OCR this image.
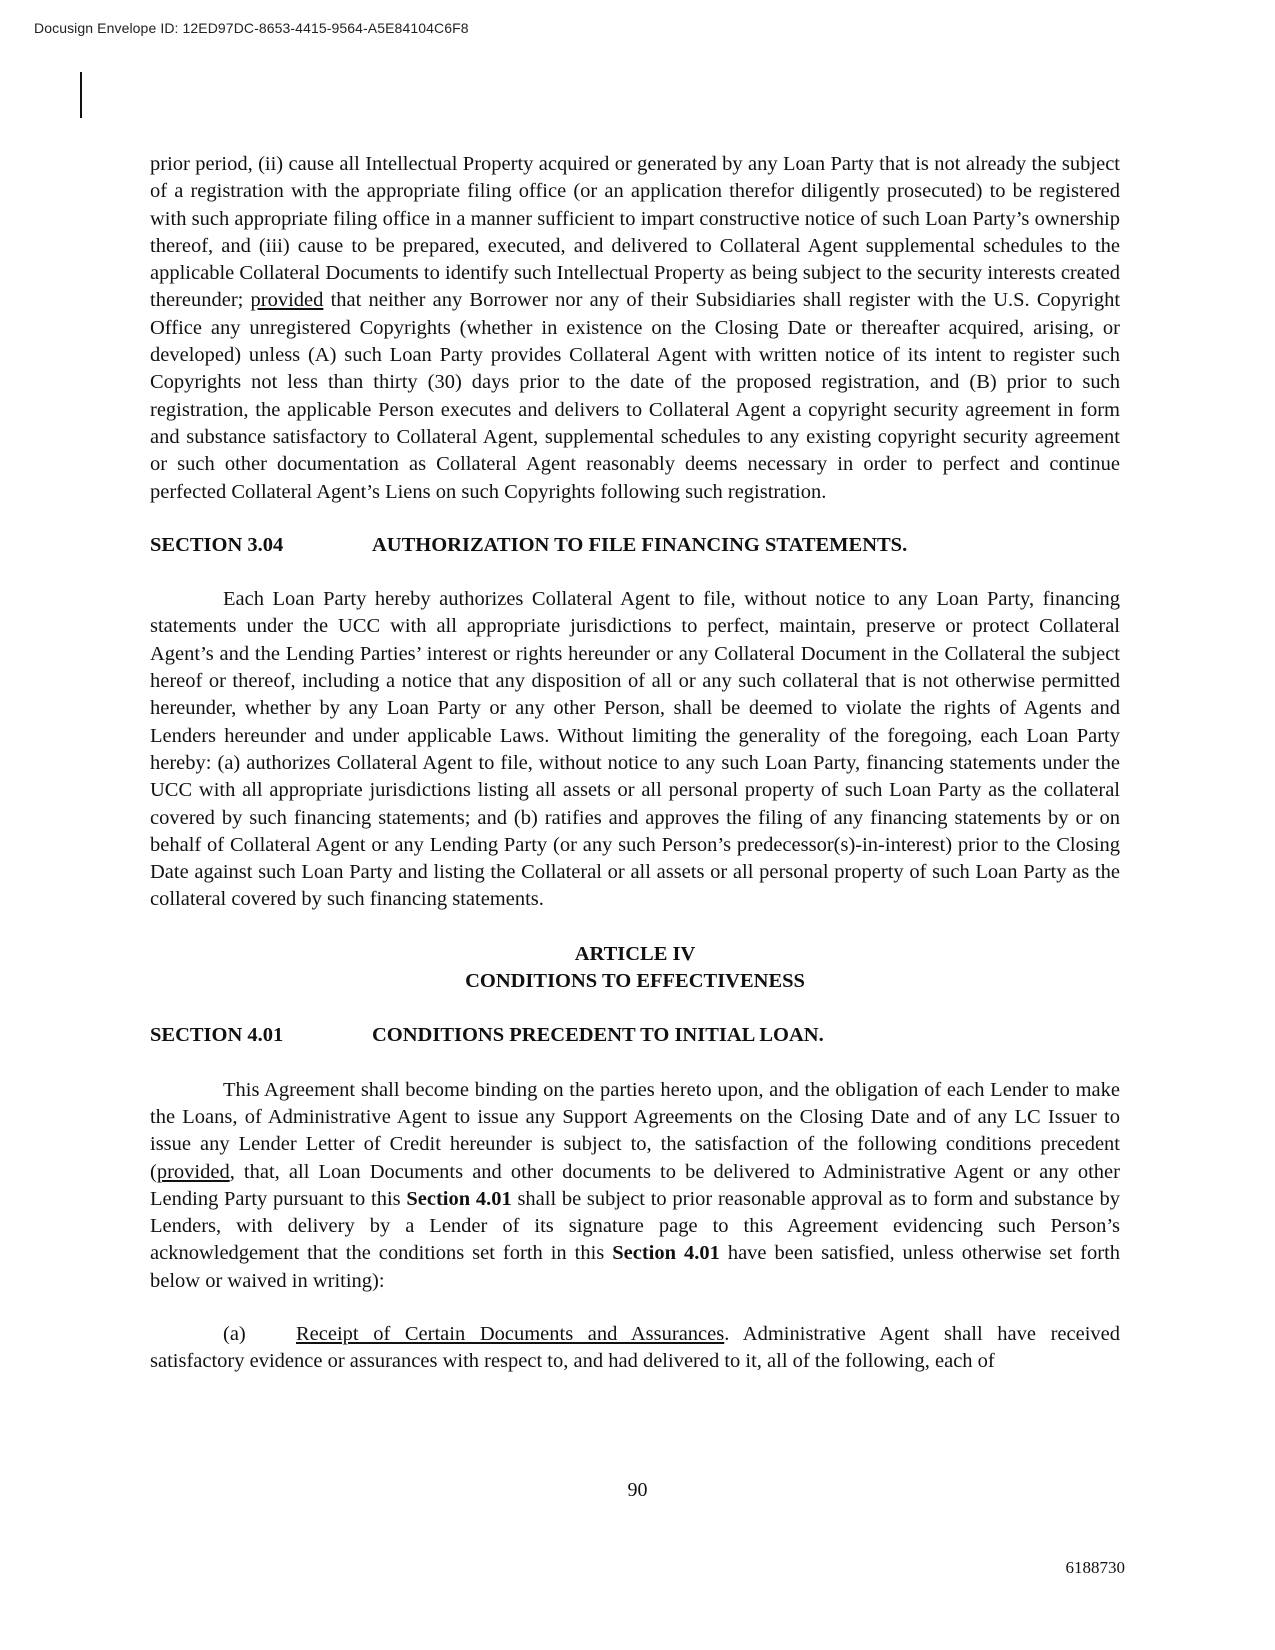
Docusign Envelope ID: 12ED97DC-8653-4415-9564-A5E84104C6F8

prior period, (ii) cause all Intellectual Property acquired or generated by any Loan Party that is not already the subject of a registration with the appropriate filing office (or an application therefor diligently prosecuted) to be registered with such appropriate filing office in a manner sufficient to impart constructive notice of such Loan Party’s ownership thereof, and (iii) cause to be prepared, executed, and delivered to Collateral Agent supplemental schedules to the applicable Collateral Documents to identify such Intellectual Property as being subject to the security interests created thereunder; provided that neither any Borrower nor any of their Subsidiaries shall register with the U.S. Copyright Office any unregistered Copyrights (whether in existence on the Closing Date or thereafter acquired, arising, or developed) unless (A) such Loan Party provides Collateral Agent with written notice of its intent to register such Copyrights not less than thirty (30) days prior to the date of the proposed registration, and (B) prior to such registration, the applicable Person executes and delivers to Collateral Agent a copyright security agreement in form and substance satisfactory to Collateral Agent, supplemental schedules to any existing copyright security agreement or such other documentation as Collateral Agent reasonably deems necessary in order to perfect and continue perfected Collateral Agent’s Liens on such Copyrights following such registration.

SECTION 3.04	AUTHORIZATION TO FILE FINANCING STATEMENTS.

Each Loan Party hereby authorizes Collateral Agent to file, without notice to any Loan Party, financing statements under the UCC with all appropriate jurisdictions to perfect, maintain, preserve or protect Collateral Agent’s and the Lending Parties’ interest or rights hereunder or any Collateral Document in the Collateral the subject hereof or thereof, including a notice that any disposition of all or any such collateral that is not otherwise permitted hereunder, whether by any Loan Party or any other Person, shall be deemed to violate the rights of Agents and Lenders hereunder and under applicable Laws. Without limiting the generality of the foregoing, each Loan Party hereby: (a) authorizes Collateral Agent to file, without notice to any such Loan Party, financing statements under the UCC with all appropriate jurisdictions listing all assets or all personal property of such Loan Party as the collateral covered by such financing statements; and (b) ratifies and approves the filing of any financing statements by or on behalf of Collateral Agent or any Lending Party (or any such Person’s predecessor(s)-in-interest) prior to the Closing Date against such Loan Party and listing the Collateral or all assets or all personal property of such Loan Party as the collateral covered by such financing statements.

ARTICLE IV

CONDITIONS TO EFFECTIVENESS

SECTION 4.01	CONDITIONS PRECEDENT TO INITIAL LOAN.

This Agreement shall become binding on the parties hereto upon, and the obligation of each Lender to make the Loans, of Administrative Agent to issue any Support Agreements on the Closing Date and of any LC Issuer to issue any Lender Letter of Credit hereunder is subject to, the satisfaction of the following conditions precedent (provided, that, all Loan Documents and other documents to be delivered to Administrative Agent or any other Lending Party pursuant to this Section 4.01 shall be subject to prior reasonable approval as to form and substance by Lenders, with delivery by a Lender of its signature page to this Agreement evidencing such Person’s acknowledgement that the conditions set forth in this Section 4.01 have been satisfied, unless otherwise set forth below or waived in writing):

(a) Receipt of Certain Documents and Assurances. Administrative Agent shall have received satisfactory evidence or assurances with respect to, and had delivered to it, all of the following, each of

90
6188730
